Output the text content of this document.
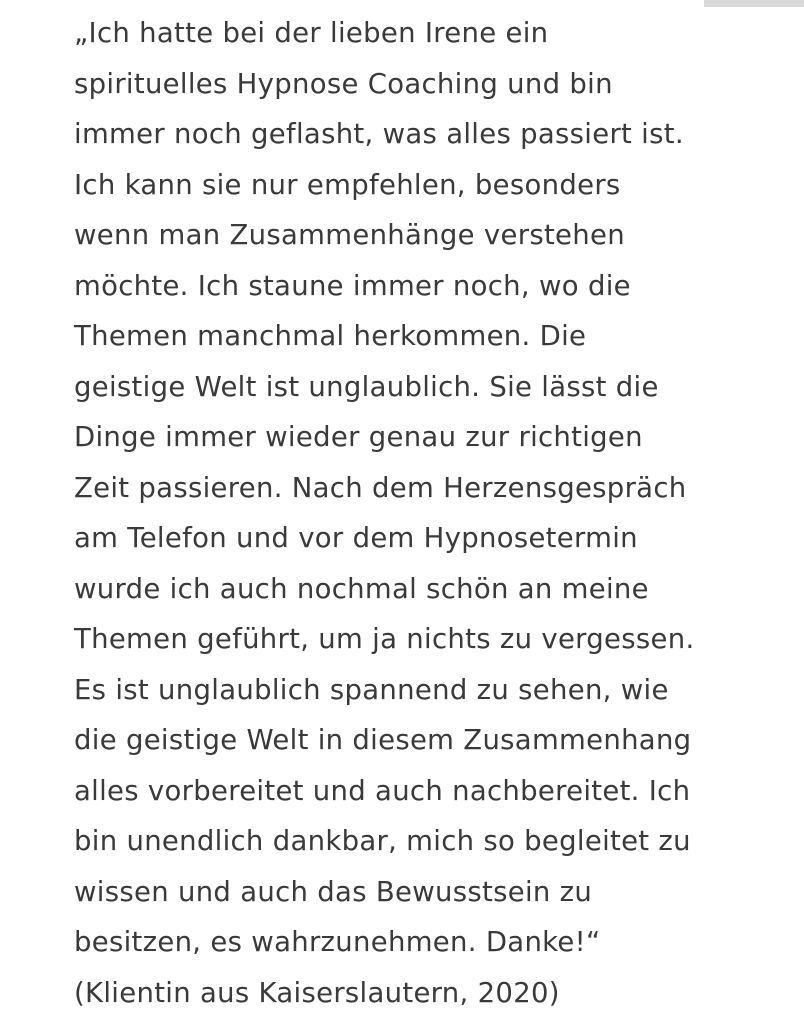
„Ich hatte bei der lieben Irene ein
spirituelles Hypnose Coaching und bin
immer noch geflasht, was alles passiert ist.
Ich kann sie nur empfehlen, besonders
wenn man Zusammenhänge verstehen
möchte. Ich staune immer noch, wo die
Themen manchmal herkommen. Die
geistige Welt ist unglaublich. Sie lässt die
Dinge immer wieder genau zur richtigen
Zeit passieren. Nach dem Herzensgespräch
am Telefon und vor dem Hypnosetermin
wurde ich auch nochmal schön an meine
Themen geführt, um ja nichts zu vergessen.
Es ist unglaublich spannend zu sehen, wie
die geistige Welt in diesem Zusammenhang
alles vorbereitet und auch nachbereitet. Ich
bin unendlich dankbar, mich so begleitet zu
wissen und auch das Bewusstsein zu
besitzen, es wahrzunehmen. Danke!“
(Klientin aus Kaiserslautern, 2020)
